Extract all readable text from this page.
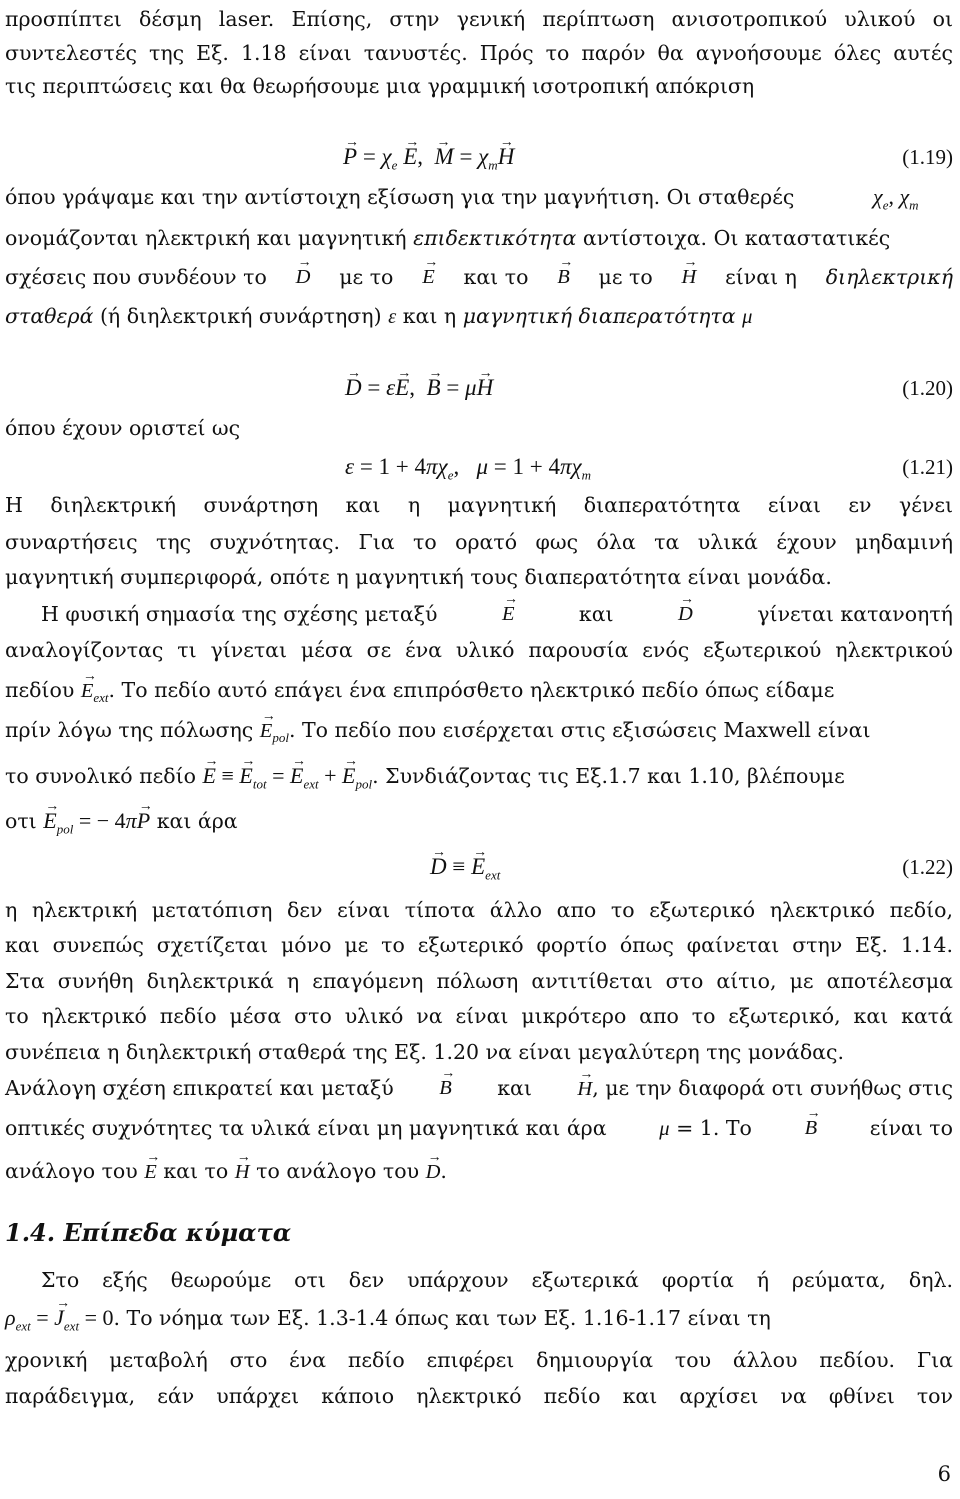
προσπίπτει δέσμη laser. Επίσης, στην γενική περίπτωση ανισοτροπικού υλικού οι
συντελεστές της Εξ. 1.18 είναι τανυστές. Πρός το παρόν θα αγνοήσουμε όλες αυτές
τις περιπτώσεις και θα θεωρήσουμε μια γραμμική ισοτροπική απόκριση
→ $P = \chi_e \to E$,  → $M = \chi_m\to H$	(1.19)
όπου γράψαμε και την αντίστοιχη εξίσωση για την μαγνήτιση. Οι σταθερές	$\chi_e$, $\chi_m$
ονομάζονται ηλεκτρική και μαγνητική επιδεκτικότητα αντίστοιχα. Οι καταστατικές
σχέσεις που συνδέουν το → D με το → E και το → B με το → H είναι η διηλεκτρική
σταθερά (ή διηλεκτρική συνάρτηση) ε και η μαγνητική διαπερατότητα μ
→ D = ε→ E,  → B = μ→ H	(1.20)
όπου έχουν οριστεί ως
$\varepsilon = 1 + 4\pi\chi_e$,   $\mu = 1 + 4\pi\chi_m$	(1.21)
Η διηλεκτρική συνάρτηση και η μαγνητική διαπερατότητα είναι εν γένει
συναρτήσεις της συχνότητας. Για το ορατό φως όλα τα υλικά έχουν μηδαμινή
μαγνητική συμπεριφορά, οπότε η μαγνητική τους διαπερατότητα είναι μονάδα.
Η φυσική σημασία της σχέσης μεταξύ	→ E	και	→ D	γίνεται κατανοητή
αναλογίζοντας τι γίνεται μέσα σε ένα υλικό παρουσία ενός εξωτερικού ηλεκτρικού
$\pi\varepsilon\delta ίo\upsilon \to E_{ext}$. Το πεδίο αυτό επάγει ένα επιπρόσθετο ηλεκτρικό πεδίο όπως είδαμε
πρίν λόγω της $\pi ό\lambda\omega\sigma\eta\varsigma \to E_{pol}$. Το πεδίο που εισέρχεται στις εξισώσεις Maxwell είναι
το συνολικό πεδίο → E ≡ → $E_{tot}$ = → $E_{ext}$ + → $E_{pol}$. Συνδιάζοντας τις Εξ.1.7 και 1.10, βλέπουμε
$o\tau\iota \to E_{pol}$ = − 4π→ P και άρα
→ D ≡ → $E_{ext}$	(1.22)
η ηλεκτρική μετατόπιση δεν είναι τίποτα άλλο απο το εξωτερικό ηλεκτρικό πεδίο,
και συνεπώς σχετίζεται μόνο με το εξωτερικό φορτίο όπως φαίνεται στην Εξ. 1.14.
Στα συνήθη διηλεκτρικά η επαγόμενη πόλωση αντιτίθεται στο αίτιο, με αποτέλεσμα
το ηλεκτρικό πεδίο μέσα στο υλικό να είναι μικρότερο απο το εξωτερικό, και κατά
συνέπεια η διηλεκτρική σταθερά της Εξ. 1.20 να είναι μεγαλύτερη της μονάδας.
Ανάλογη σχέση επικρατεί και μεταξύ → B και → H, με την διαφορά οτι συνήθως στις
οπτικές συχνότητες τα υλικά είναι μη μαγνητικά και άρα	μ = 1. Το	→ B	είναι το
ανάλογο του → E και το → H το ανάλογο του → D.
1.4. Επίπεδα κύματα
Στο εξής θεωρούμε οτι δεν υπάρχουν εξωτερικά φορτία ή ρεύματα, δηλ.
$\rho_{ext}$ = → $J_{ext} = 0$. Το νόημα των Εξ. 1.3-1.4 όπως και των Εξ. 1.16-1.17 είναι τη
χρονική μεταβολή στο ένα πεδίο επιφέρει δημιουργία του άλλου πεδίου. Για
παράδειγμα, εάν υπάρχει κάποιο ηλεκτρικό πεδίο και αρχίσει να φθίνει τον
6
